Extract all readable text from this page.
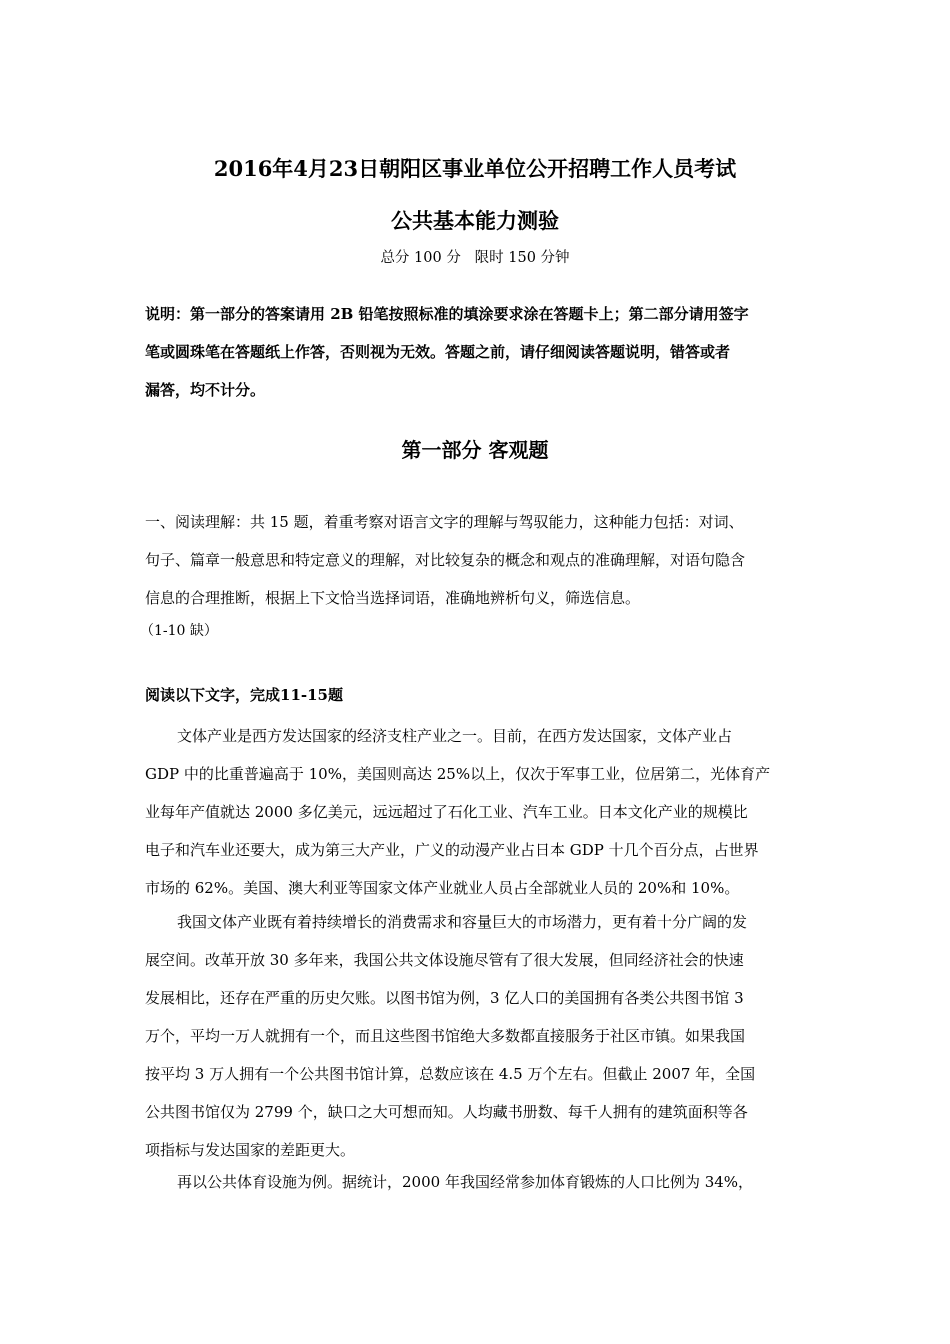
2016年4月23日朝阳区事业单位公开招聘工作人员考试
公共基本能力测验
总分 100 分   限时 150 分钟
说明：第一部分的答案请用 2B 铅笔按照标准的填涂要求涂在答题卡上；第二部分请用签字
笔或圆珠笔在答题纸上作答，否则视为无效。答题之前，请仔细阅读答题说明，错答或者
漏答，均不计分。
第一部分 客观题
一、阅读理解：共 15 题，着重考察对语言文字的理解与驾驭能力，这种能力包括：对词、
句子、篇章一般意思和特定意义的理解，对比较复杂的概念和观点的准确理解，对语句隐含
信息的合理推断，根据上下文恰当选择词语，准确地辨析句义，筛选信息。
（1-10 缺）
阅读以下文字，完成11-15题
文体产业是西方发达国家的经济支柱产业之一。目前，在西方发达国家，文体产业占
GDP 中的比重普遍高于 10%，美国则高达 25%以上，仅次于军事工业，位居第二，光体育产
业每年产值就达 2000 多亿美元，远远超过了石化工业、汽车工业。日本文化产业的规模比
电子和汽车业还要大，成为第三大产业，广义的动漫产业占日本 GDP 十几个百分点，占世界
市场的 62%。美国、澳大利亚等国家文体产业就业人员占全部就业人员的 20%和 10%。
我国文体产业既有着持续增长的消费需求和容量巨大的市场潜力，更有着十分广阔的发
展空间。改革开放 30 多年来，我国公共文体设施尽管有了很大发展，但同经济社会的快速
发展相比，还存在严重的历史欠账。以图书馆为例，3 亿人口的美国拥有各类公共图书馆 3
万个，平均一万人就拥有一个，而且这些图书馆绝大多数都直接服务于社区市镇。如果我国
按平均 3 万人拥有一个公共图书馆计算，总数应该在 4.5 万个左右。但截止 2007 年，全国
公共图书馆仅为 2799 个，缺口之大可想而知。人均藏书册数、每千人拥有的建筑面积等各
项指标与发达国家的差距更大。
再以公共体育设施为例。据统计，2000 年我国经常参加体育锻炼的人口比例为 34%，
